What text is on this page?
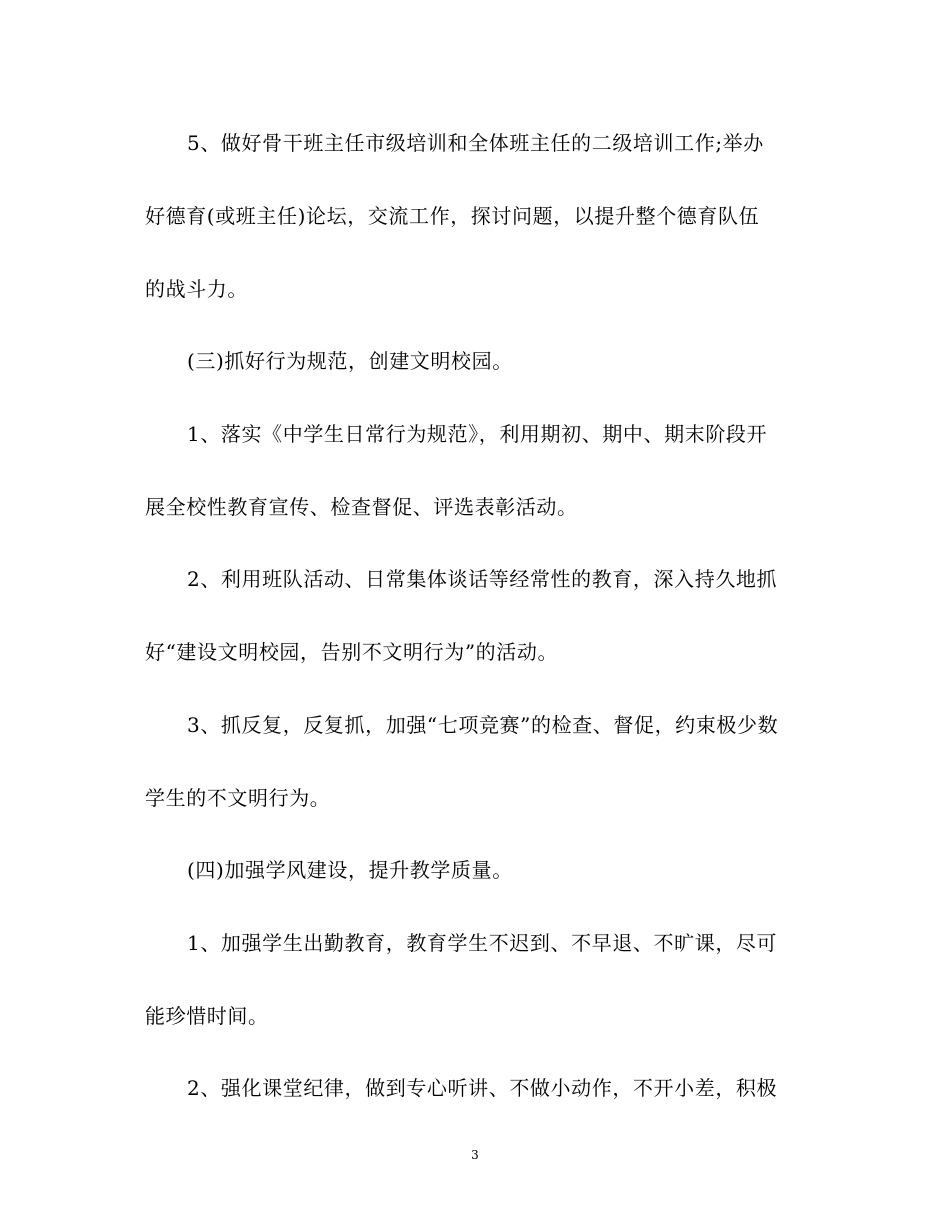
5、做好骨干班主任市级培训和全体班主任的二级培训工作;举办
好德育(或班主任)论坛，交流工作，探讨问题，以提升整个德育队伍
的战斗力。
(三)抓好行为规范，创建文明校园。
1、落实《中学生日常行为规范》，利用期初、期中、期末阶段开
展全校性教育宣传、检查督促、评选表彰活动。
2、利用班队活动、日常集体谈话等经常性的教育，深入持久地抓
好“建设文明校园，告别不文明行为”的活动。
3、抓反复，反复抓，加强“七项竞赛”的检查、督促，约束极少数
学生的不文明行为。
(四)加强学风建设，提升教学质量。
1、加强学生出勤教育，教育学生不迟到、不早退、不旷课，尽可
能珍惜时间。
2、强化课堂纪律，做到专心听讲、不做小动作，不开小差，积极
3
